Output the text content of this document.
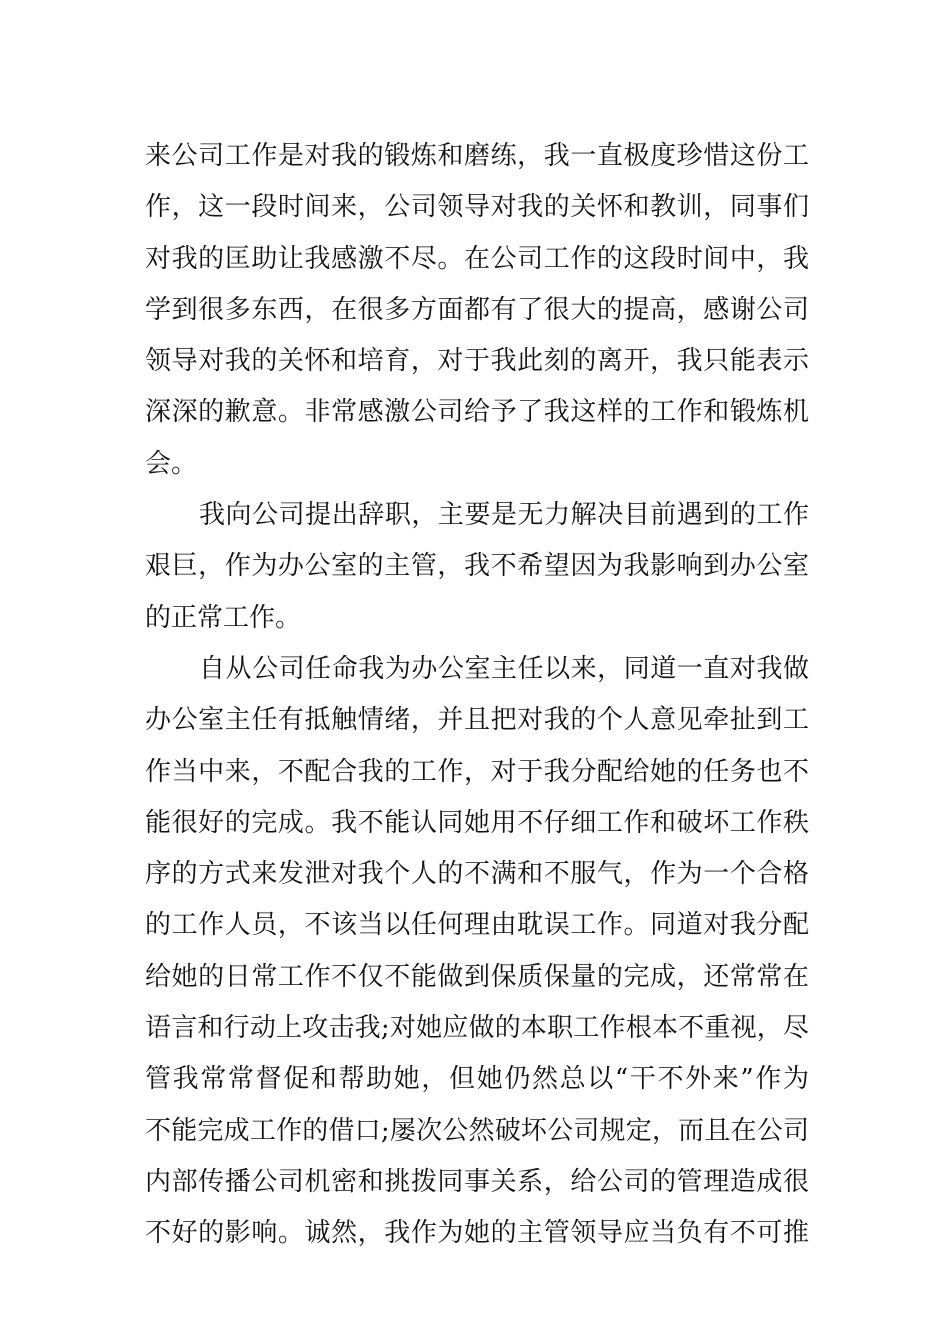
来公司工作是对我的锻炼和磨练，我一直极度珍惜这份工
作，这一段时间来，公司领导对我的关怀和教训，同事们
对我的匡助让我感激不尽。在公司工作的这段时间中，我
学到很多东西，在很多方面都有了很大的提高，感谢公司
领导对我的关怀和培育，对于我此刻的离开，我只能表示
深深的歉意。非常感激公司给予了我这样的工作和锻炼机
会。
我向公司提出辞职，主要是无力解决目前遇到的工作
艰巨，作为办公室的主管，我不希望因为我影响到办公室
的正常工作。
自从公司任命我为办公室主任以来，同道一直对我做
办公室主任有抵触情绪，并且把对我的个人意见牵扯到工
作当中来，不配合我的工作，对于我分配给她的任务也不
能很好的完成。我不能认同她用不仔细工作和破坏工作秩
序的方式来发泄对我个人的不满和不服气，作为一个合格
的工作人员，不该当以任何理由耽误工作。同道对我分配
给她的日常工作不仅不能做到保质保量的完成，还常常在
语言和行动上攻击我;对她应做的本职工作根本不重视，尽
管我常常督促和帮助她，但她仍然总以“干不外来”作为
不能完成工作的借口;屡次公然破坏公司规定，而且在公司
内部传播公司机密和挑拨同事关系，给公司的管理造成很
不好的影响。诚然，我作为她的主管领导应当负有不可推
